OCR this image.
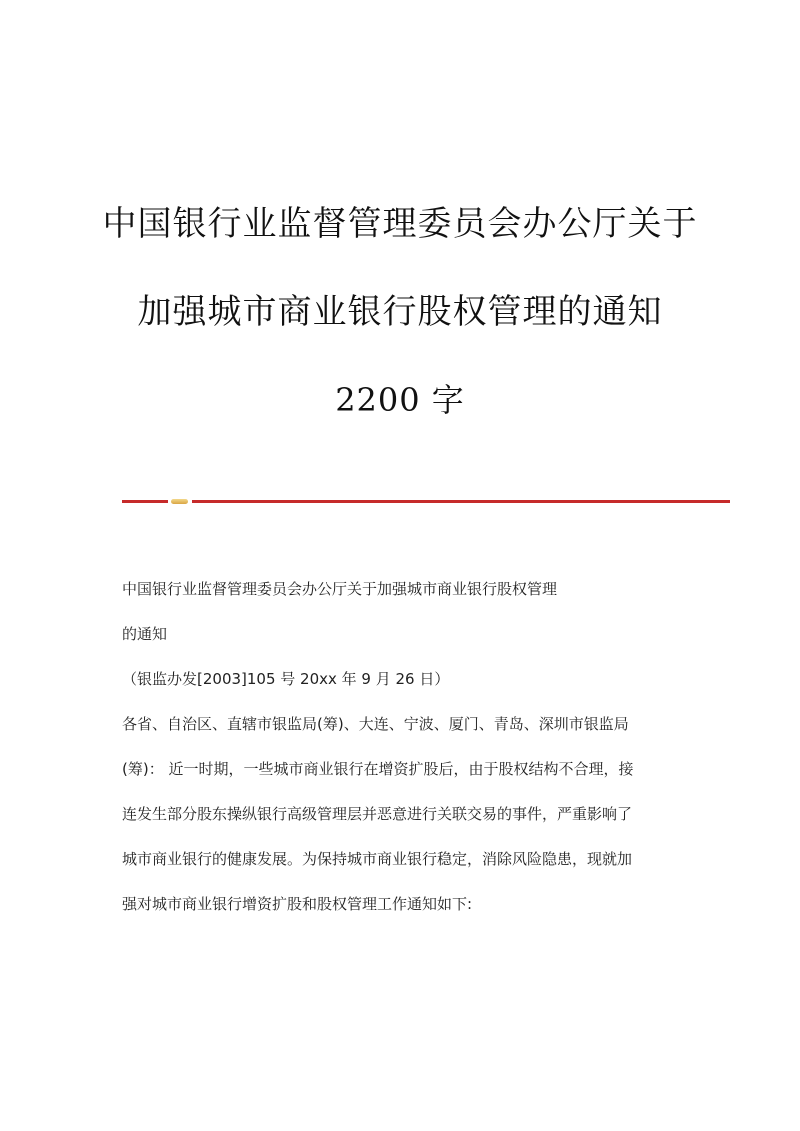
中国银行业监督管理委员会办公厅关于
加强城市商业银行股权管理的通知
2200 字

中国银行业监督管理委员会办公厅关于加强城市商业银行股权管理

的通知

（银监办发[2003]105 号 20xx 年 9 月 26 日）

各省、自治区、直辖市银监局(筹)、大连、宁波、厦门、青岛、深圳市银监局

(筹)： 近一时期，一些城市商业银行在增资扩股后，由于股权结构不合理，接

连发生部分股东操纵银行高级管理层并恶意进行关联交易的事件，严重影响了

城市商业银行的健康发展。为保持城市商业银行稳定，消除风险隐患，现就加

强对城市商业银行增资扩股和股权管理工作通知如下:
